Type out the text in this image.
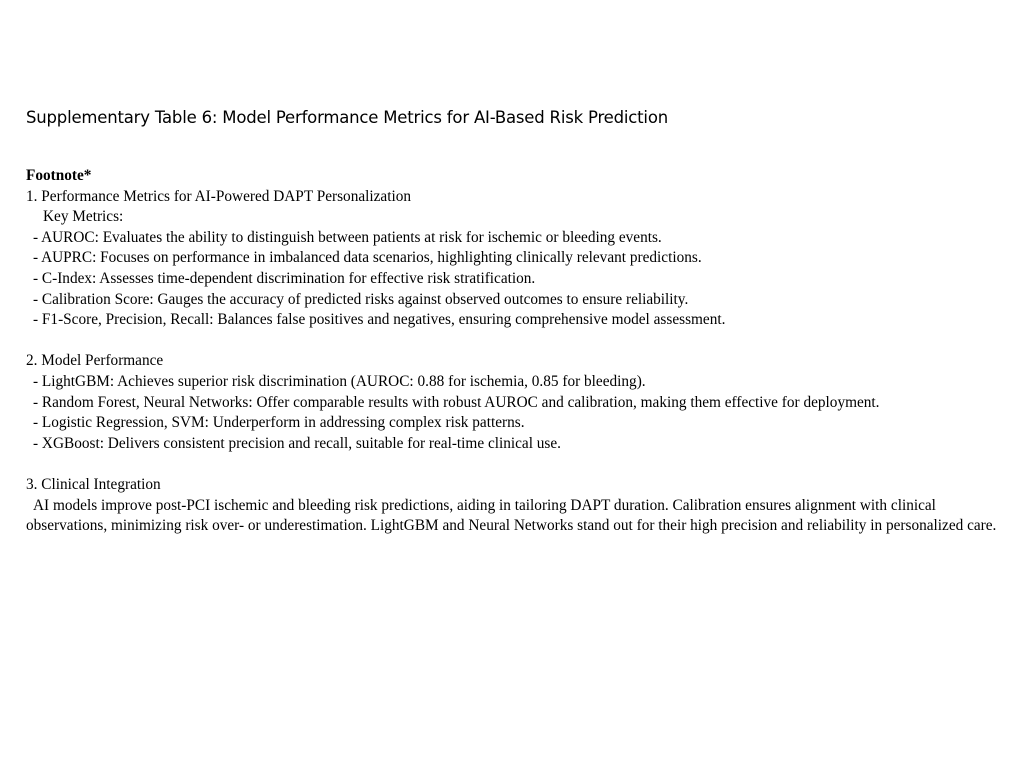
Supplementary Table 6: Model Performance Metrics for AI-Based Risk Prediction
Footnote*
1. Performance Metrics for AI-Powered DAPT Personalization
Key Metrics:
- AUROC: Evaluates the ability to distinguish between patients at risk for ischemic or bleeding events.
- AUPRC: Focuses on performance in imbalanced data scenarios, highlighting clinically relevant predictions.
- C-Index: Assesses time-dependent discrimination for effective risk stratification.
- Calibration Score: Gauges the accuracy of predicted risks against observed outcomes to ensure reliability.
- F1-Score, Precision, Recall: Balances false positives and negatives, ensuring comprehensive model assessment.
2. Model Performance
- LightGBM: Achieves superior risk discrimination (AUROC: 0.88 for ischemia, 0.85 for bleeding).
- Random Forest, Neural Networks: Offer comparable results with robust AUROC and calibration, making them effective for deployment.
- Logistic Regression, SVM: Underperform in addressing complex risk patterns.
- XGBoost: Delivers consistent precision and recall, suitable for real-time clinical use.
3. Clinical Integration
AI models improve post-PCI ischemic and bleeding risk predictions, aiding in tailoring DAPT duration. Calibration ensures alignment with clinical observations, minimizing risk over- or underestimation. LightGBM and Neural Networks stand out for their high precision and reliability in personalized care.
